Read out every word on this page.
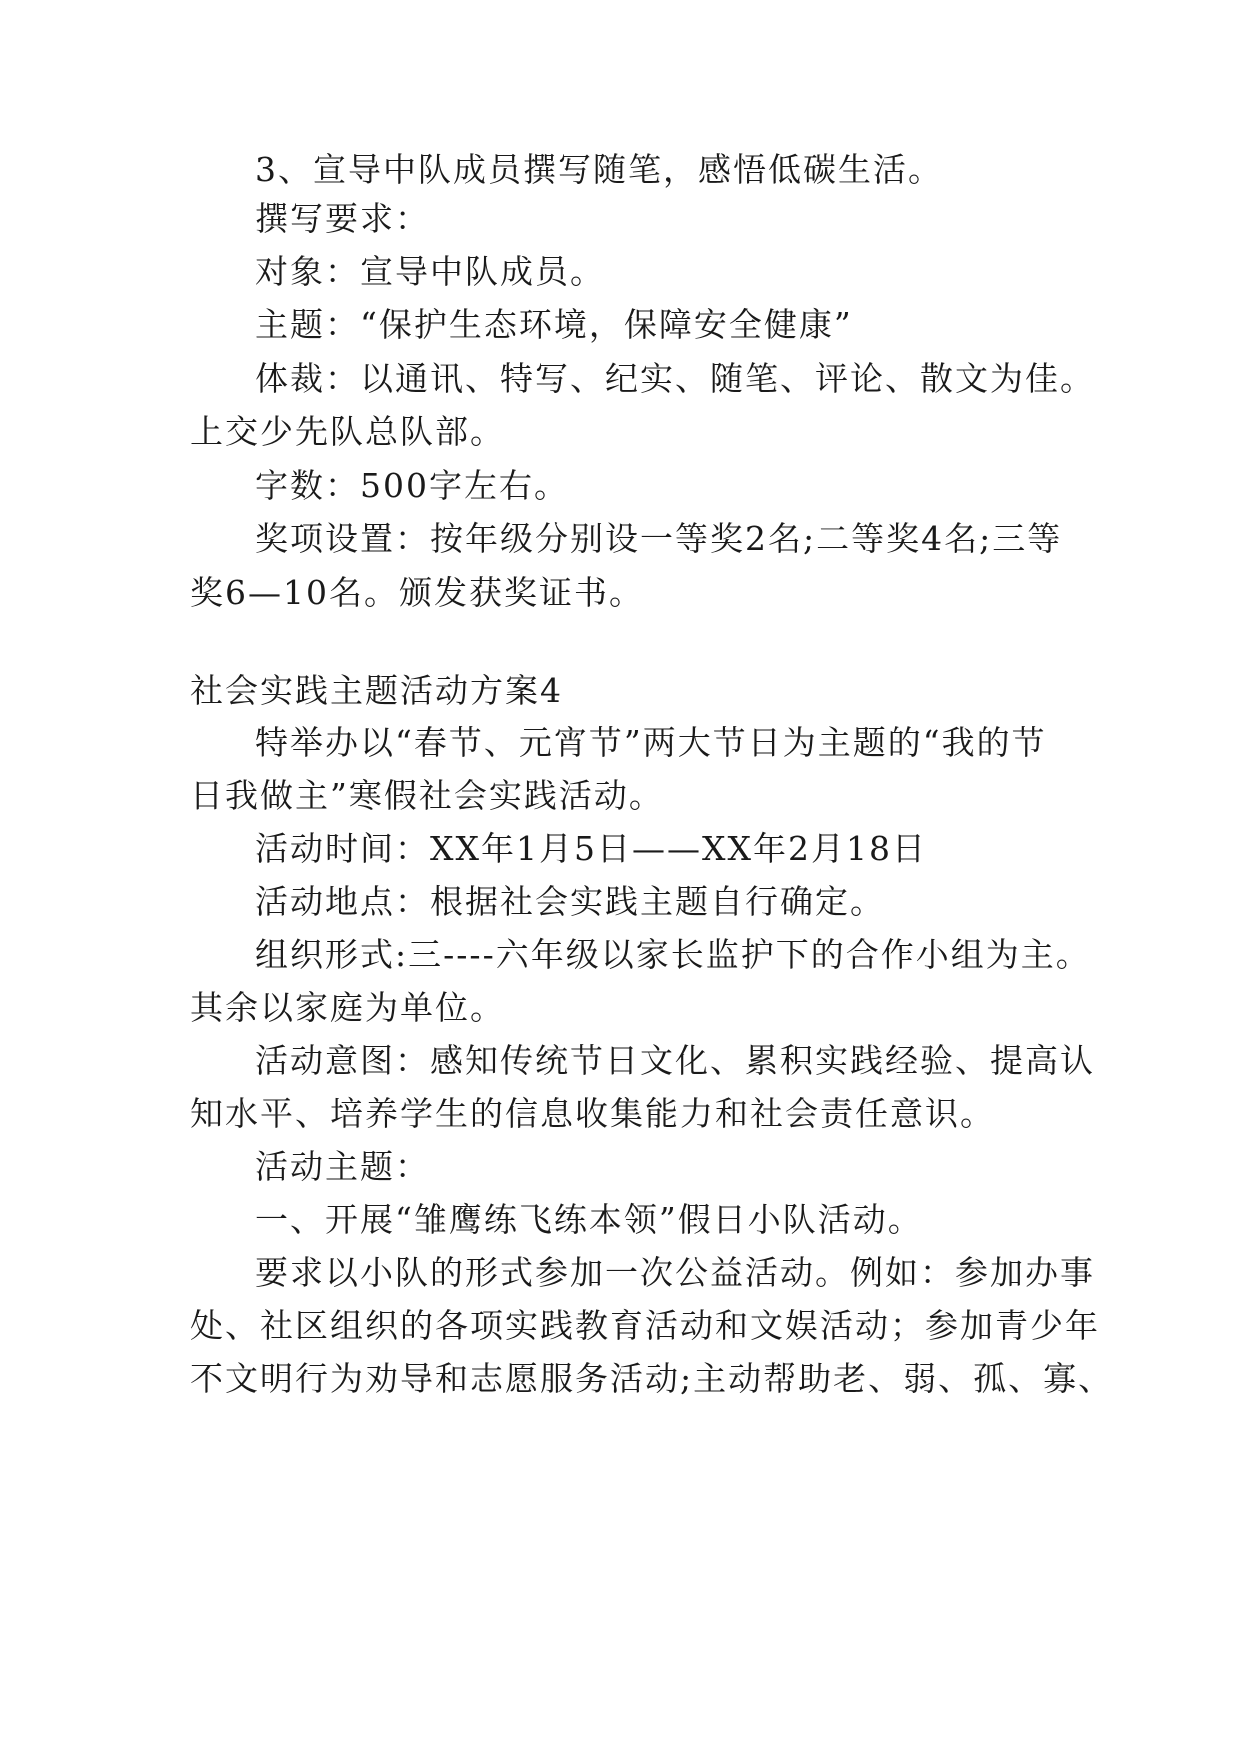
3、宣导中队成员撰写随笔，感悟低碳生活。
撰写要求：
对象：宣导中队成员。
主题：“保护生态环境，保障安全健康”
体裁：以通讯、特写、纪实、随笔、评论、散文为佳。
上交少先队总队部。
字数：500字左右。
奖项设置：按年级分别设一等奖2名;二等奖4名;三等
奖6—10名。颁发获奖证书。
社会实践主题活动方案4
特举办以“春节、元宵节”两大节日为主题的“我的节
日我做主”寒假社会实践活动。
活动时间：XX年1月5日——XX年2月18日
活动地点：根据社会实践主题自行确定。
组织形式:三----六年级以家长监护下的合作小组为主。
其余以家庭为单位。
活动意图：感知传统节日文化、累积实践经验、提高认
知水平、培养学生的信息收集能力和社会责任意识。
活动主题：
一、开展“雏鹰练飞练本领”假日小队活动。
要求以小队的形式参加一次公益活动。例如：参加办事
处、社区组织的各项实践教育活动和文娱活动；参加青少年
不文明行为劝导和志愿服务活动;主动帮助老、弱、孤、寡、
